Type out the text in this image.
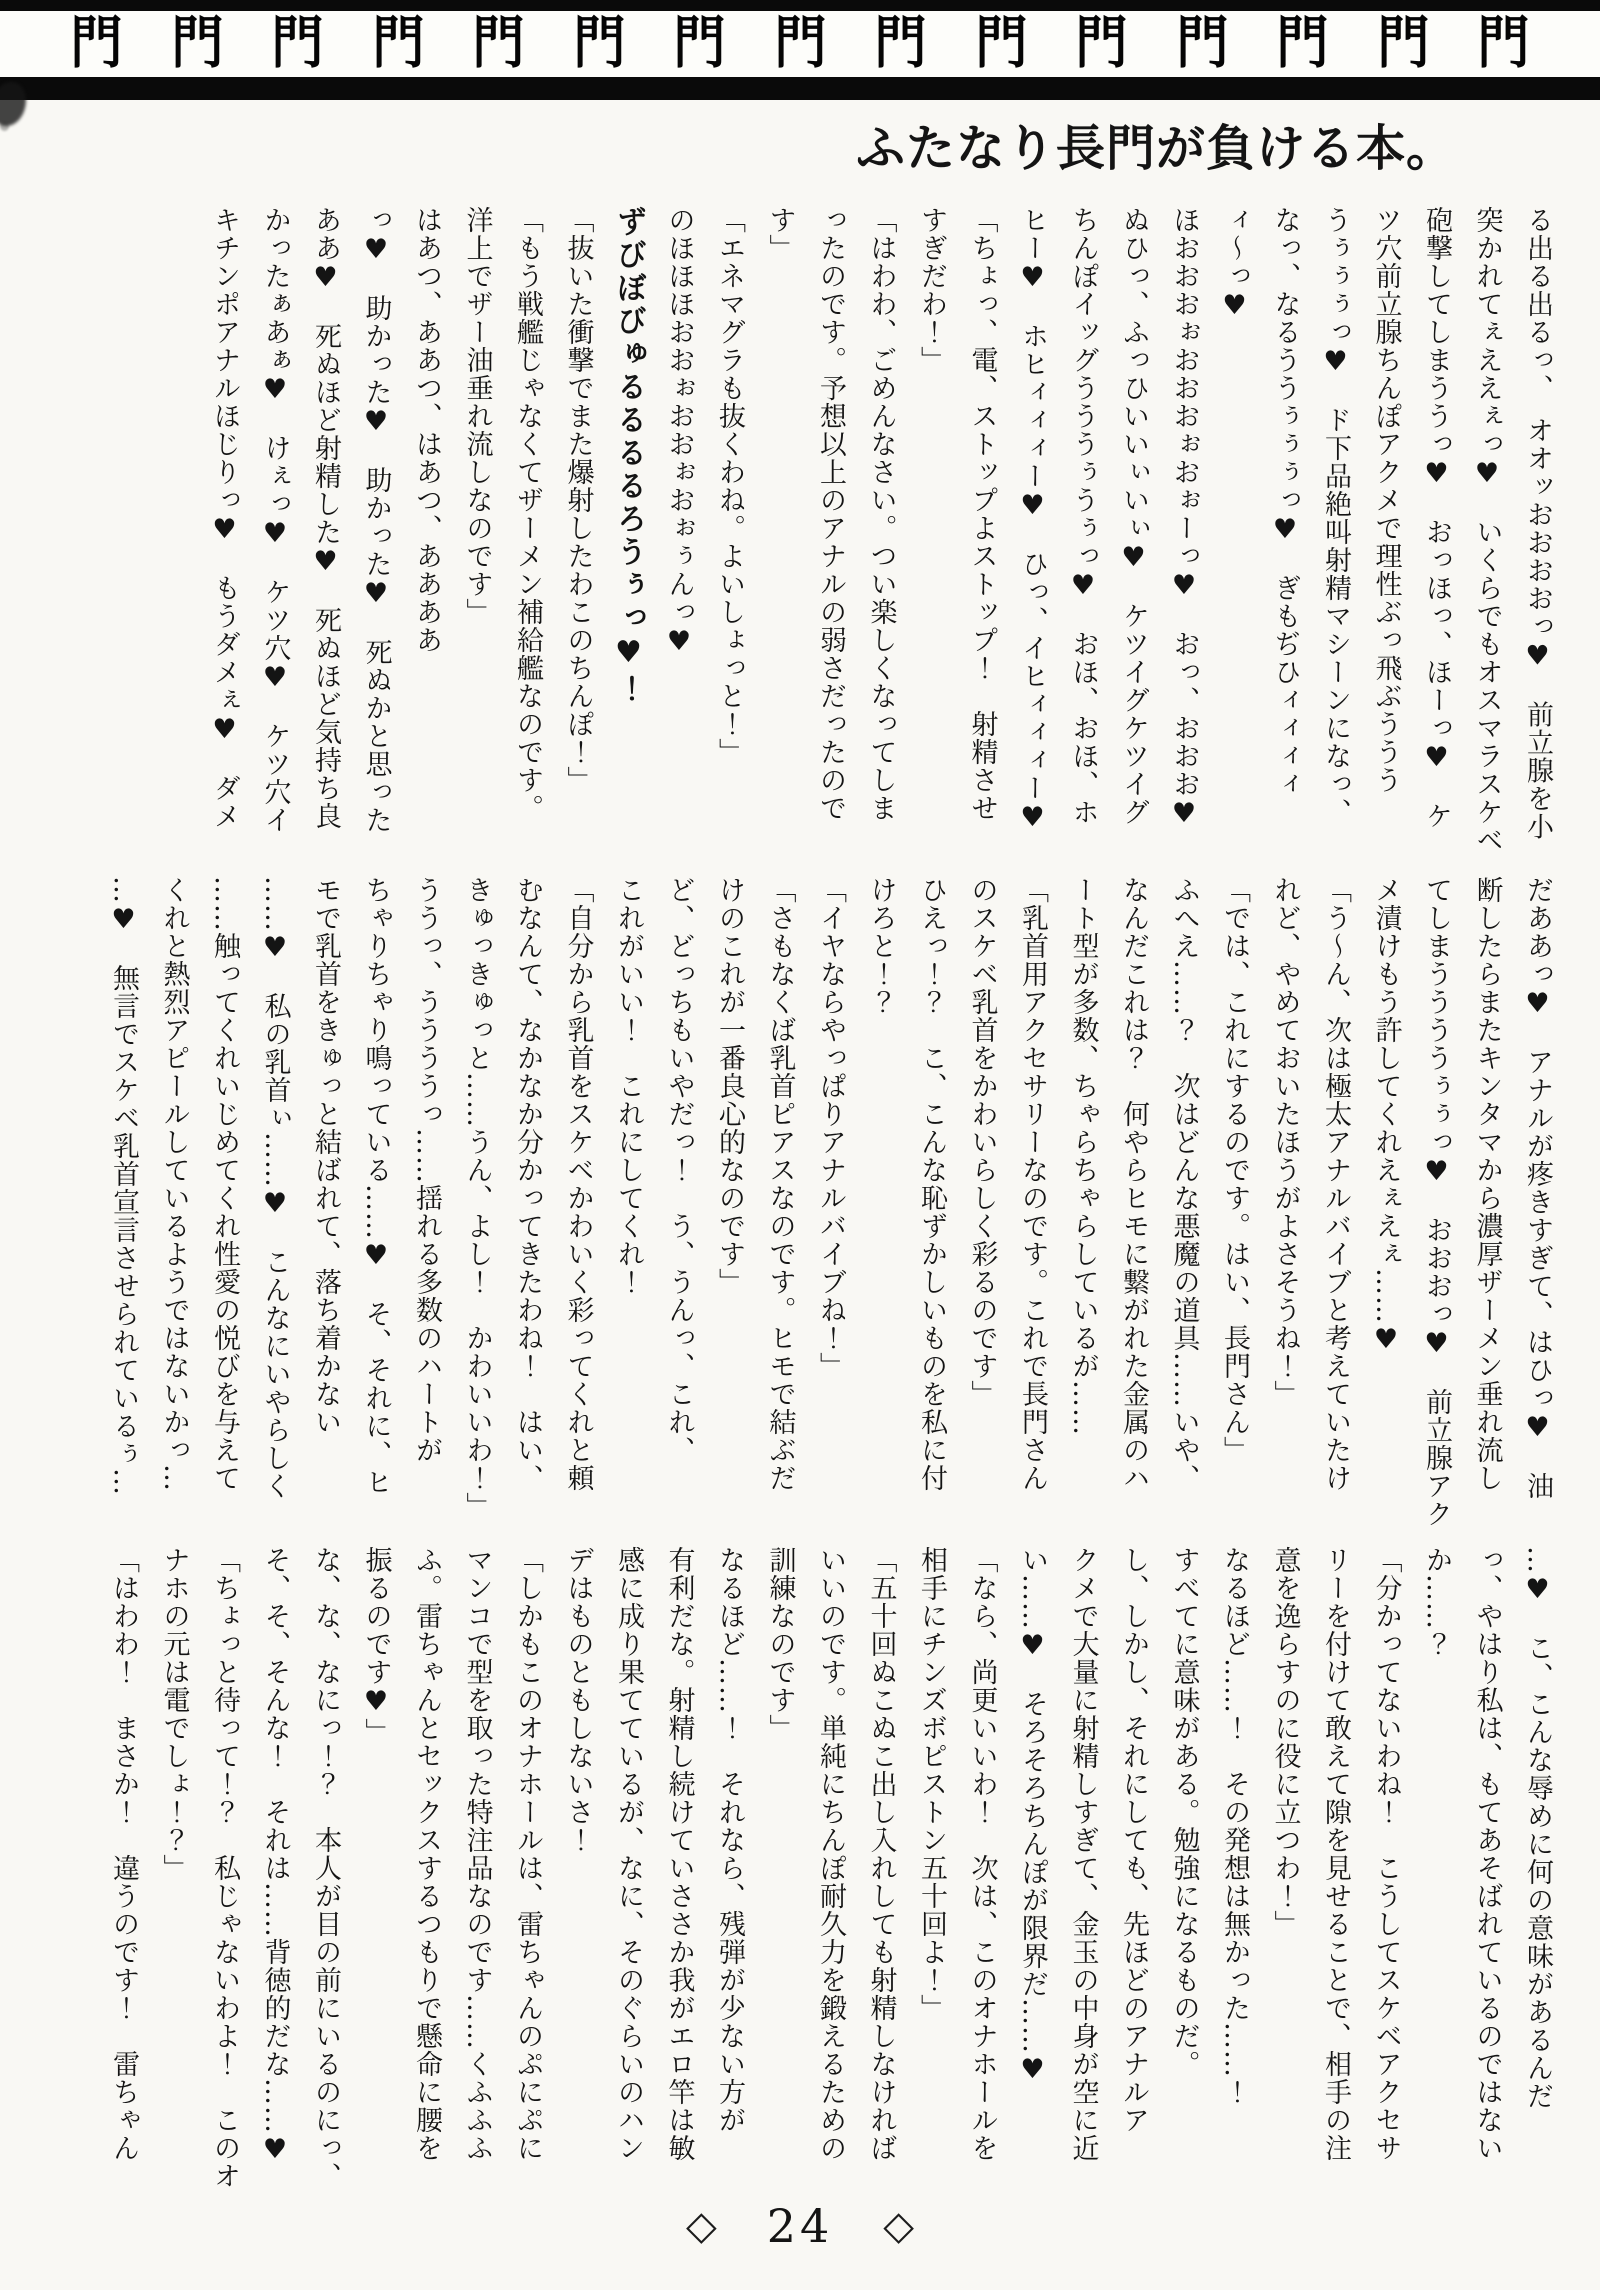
門 門 門 門 門 門 門 門 門 門 門 門 門 門 門
ふたなり長門が負ける本。
る出る出るっ、　オオッおおおおっ♥　前立腺を小
突かれてぇええぇっ♥　いくらでもオスマラスケベ
砲撃してしまううっ♥　おっほっ、ほーっ♥　ケ
ツ穴前立腺ちんぽアクメで理性ぶっ飛ぶううう
うぅぅぅっ♥　ド下品絶叫射精マシーンになっ、
なっ、なるううぅぅぅっ♥　ぎもぢひィィィィ
ィ〜っ♥
ほおおおぉおおおぉおぉーっ♥　おっ、おおお♥
ぬひっ、ふっひいいぃいぃ♥　ケツイグケツイグ
ちんぽイッグうううぅうぅっ♥　おほ、おほ、ホ
ヒー♥　ホヒィィィー♥　ひっ、イヒィィィー♥
「ちょっ、電、ストップよストップ！　射精させ
すぎだわ！」
「はわわ、ごめんなさい。つい楽しくなってしま
ったのです。予想以上のアナルの弱さだったので
す」
「エネマグラも抜くわね。よいしょっと！」
のほほほおおぉおおぉおぉぅんっ♥
ずびぼびゅるるるるろうぅっ♥！
「抜いた衝撃でまた爆射したわこのちんぽ！」
「もう戦艦じゃなくてザーメン補給艦なのです。
洋上でザー油垂れ流しなのです」
はあつ、ああつ、はあつ、ああああ
っ♥　助かった♥　助かった♥　死ぬかと思った
ああ♥　死ぬほど射精した♥　死ぬほど気持ち良
かったぁあぁ♥　けぇっ♥　ケツ穴♥　ケツ穴イ
キチンポアナルほじりっ♥　もうダメぇ♥　ダメ
だああっ♥　アナルが疼きすぎて、はひっ♥　油
断したらまたキンタマから濃厚ザーメン垂れ流し
てしまううううぅぅっ♥　おおおっ♥　前立腺アク
メ漬けもう許してくれえぇえぇ……♥
「う〜ん、次は極太アナルバイブと考えていたけ
れど、やめておいたほうがよさそうね！」
「では、これにするのです。はい、長門さん」
ふへえ……？　次はどんな悪魔の道具……いや、
なんだこれは？　何やらヒモに繋がれた金属のハ
ート型が多数、ちゃらちゃらしているが……
「乳首用アクセサリーなのです。これで長門さん
のスケベ乳首をかわいらしく彩るのです」
ひえっ！？　こ、こんな恥ずかしいものを私に付
けろと！？
「イヤならやっぱりアナルバイブね！」
「さもなくば乳首ピアスなのです。ヒモで結ぶだ
けのこれが一番良心的なのです」
ど、どっちもいやだっ！　う、うんっ、これ、
これがいい！　これにしてくれ！
「自分から乳首をスケベかわいく彩ってくれと頼
むなんて、なかなか分かってきたわね！　はい、
きゅっきゅっと……うん、よし！　かわいいわ！」
ううっ、ううううっ……揺れる多数のハートが
ちゃりちゃり鳴っている……♥　そ、それに、ヒ
モで乳首をきゅっと結ばれて、落ち着かない
……♥　私の乳首ぃ……♥　こんなにいやらしく
……触ってくれいじめてくれ性愛の悦びを与えて
くれと熱烈アピールしているようではないかっ…
…♥　無言でスケベ乳首宣言させられているぅ…
…♥　こ、こんな辱めに何の意味があるんだ
っ、やはり私は、もてあそばれているのではない
か……？
「分かってないわね！　こうしてスケベアクセサ
リーを付けて敢えて隙を見せることで、相手の注
意を逸らすのに役に立つわ！」
なるほど……！　その発想は無かった……！
すべてに意味がある。勉強になるものだ。
し、しかし、それにしても、先ほどのアナルア
クメで大量に射精しすぎて、金玉の中身が空に近
い……♥　そろそろちんぽが限界だ……♥
「なら、尚更いいわ！　次は、このオナホールを
相手にチンズボピストン五十回よ！」
「五十回ぬこぬこ出し入れしても射精しなければ
いいのです。単純にちんぽ耐久力を鍛えるための
訓練なのです」
なるほど……！　それなら、残弾が少ない方が
有利だな。射精し続けていささか我がエロ竿は敏
感に成り果てているが、なに、そのぐらいのハン
デはものともしないさ！
「しかもこのオナホールは、雷ちゃんのぷにぷに
マンコで型を取った特注品なのです……くふふふ
ふ。雷ちゃんとセックスするつもりで懸命に腰を
振るのです♥」
な、な、なにっ！？　本人が目の前にいるのにっ、
そ、そ、そんな！　それは……背徳的だな……♥
「ちょっと待って！？　私じゃないわよ！　このオ
ナホの元は電でしょ！？」
「はわわ！　まさか！　違うのです！　雷ちゃん
◇ 24 ◇
